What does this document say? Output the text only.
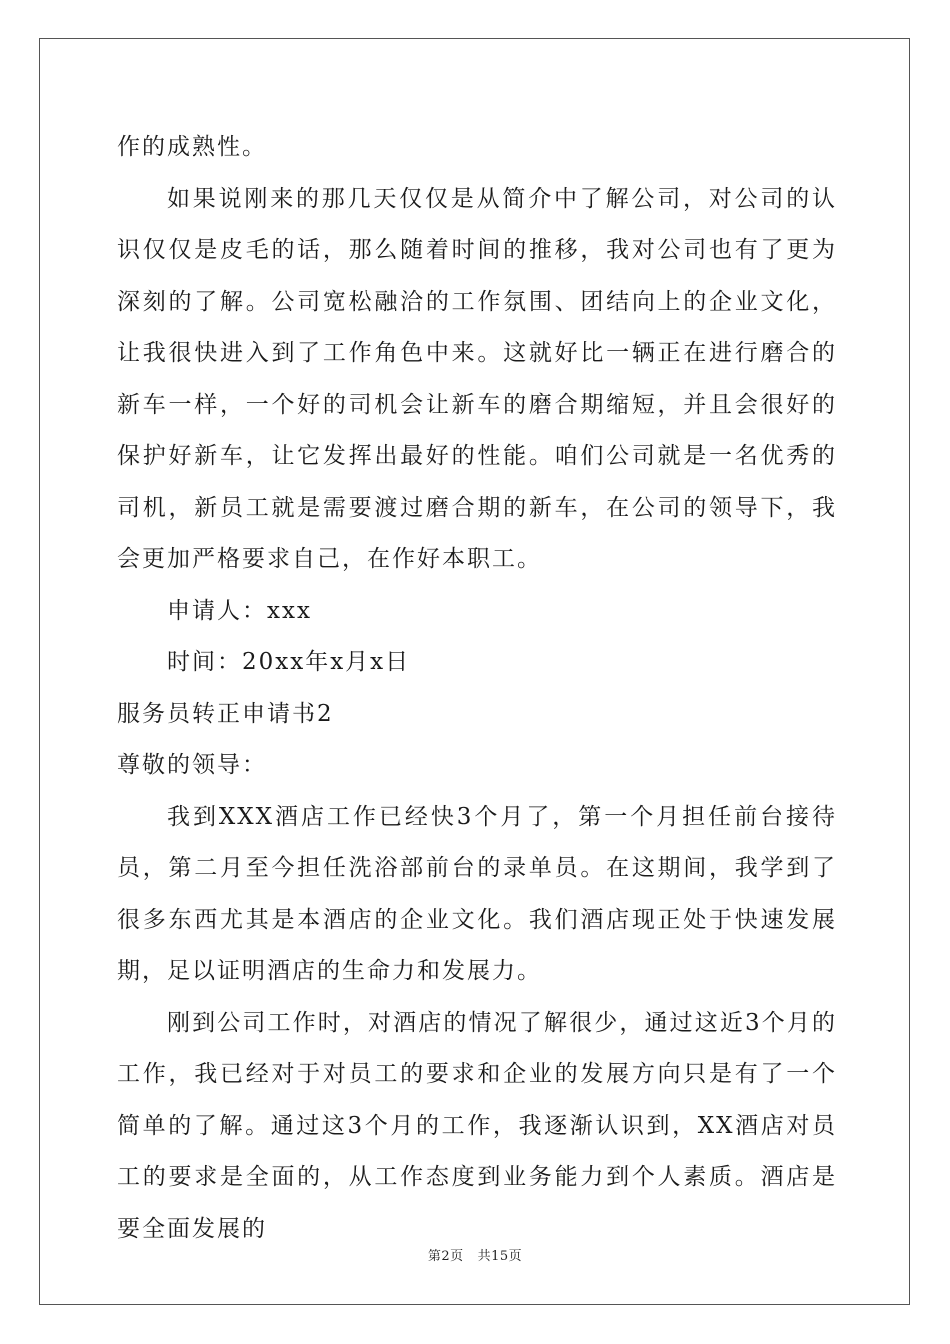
作的成熟性。

如果说刚来的那几天仅仅是从简介中了解公司，对公司的认识仅仅是皮毛的话，那么随着时间的推移，我对公司也有了更为深刻的了解。公司宽松融洽的工作氛围、团结向上的企业文化，让我很快进入到了工作角色中来。这就好比一辆正在进行磨合的新车一样，一个好的司机会让新车的磨合期缩短，并且会很好的保护好新车，让它发挥出最好的性能。咱们公司就是一名优秀的司机，新员工就是需要渡过磨合期的新车，在公司的领导下，我会更加严格要求自己，在作好本职工。

申请人：xxx

时间：20xx年x月x日

服务员转正申请书2

尊敬的领导：

我到XXX酒店工作已经快3个月了，第一个月担任前台接待员，第二月至今担任洗浴部前台的录单员。在这期间，我学到了很多东西尤其是本酒店的企业文化。我们酒店现正处于快速发展期，足以证明酒店的生命力和发展力。

刚到公司工作时，对酒店的情况了解很少，通过这近3个月的工作，我已经对于对员工的要求和企业的发展方向只是有了一个简单的了解。通过这3个月的工作，我逐渐认识到，XX酒店对员工的要求是全面的，从工作态度到业务能力到个人素质。酒店是要全面发展的

第2页 共15页
